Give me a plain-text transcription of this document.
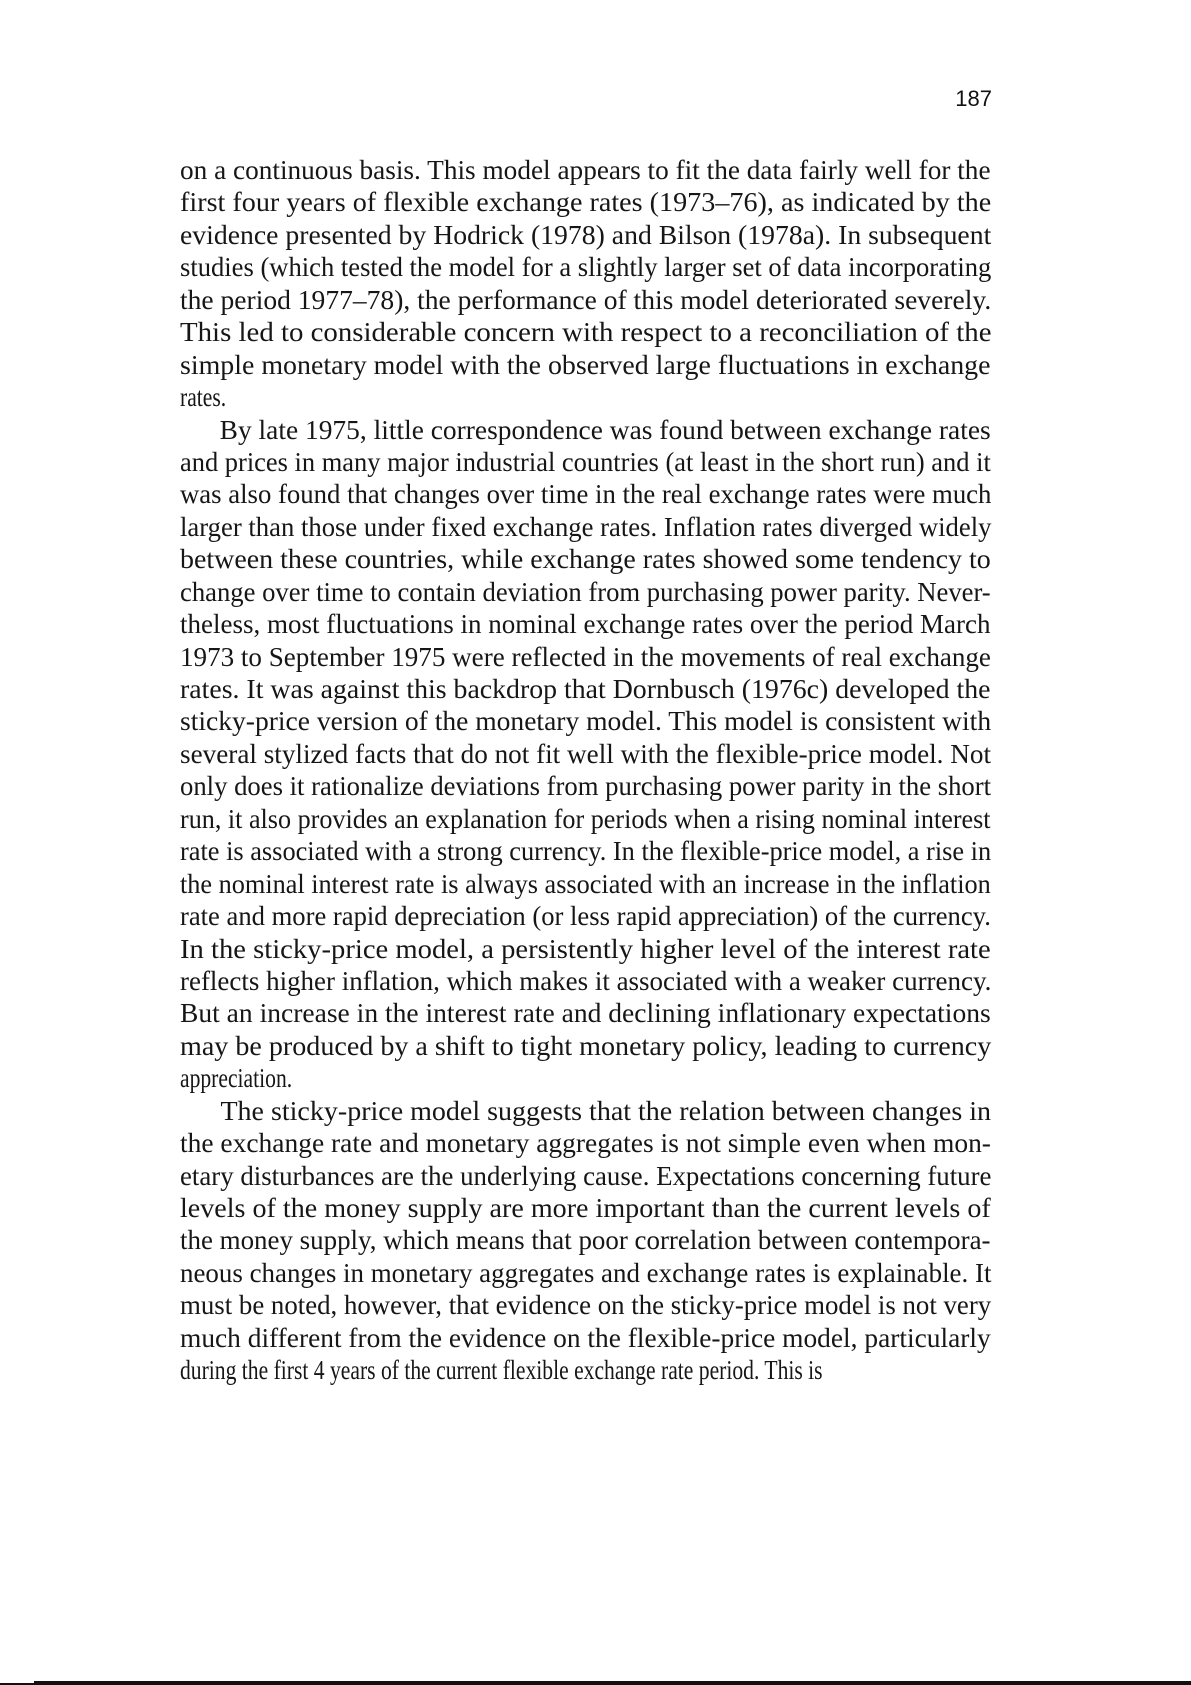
187
on a continuous basis. This model appears to fit the data fairly well for the
first four years of flexible exchange rates (1973–76), as indicated by the
evidence presented by Hodrick (1978) and Bilson (1978a). In subsequent
studies (which tested the model for a slightly larger set of data incorporating
the period 1977–78), the performance of this model deteriorated severely.
This led to considerable concern with respect to a reconciliation of the
simple monetary model with the observed large fluctuations in exchange
rates.
By late 1975, little correspondence was found between exchange rates
and prices in many major industrial countries (at least in the short run) and it
was also found that changes over time in the real exchange rates were much
larger than those under fixed exchange rates. Inflation rates diverged widely
between these countries, while exchange rates showed some tendency to
change over time to contain deviation from purchasing power parity. Never-
theless, most fluctuations in nominal exchange rates over the period March
1973 to September 1975 were reflected in the movements of real exchange
rates. It was against this backdrop that Dornbusch (1976c) developed the
sticky-price version of the monetary model. This model is consistent with
several stylized facts that do not fit well with the flexible-price model. Not
only does it rationalize deviations from purchasing power parity in the short
run, it also provides an explanation for periods when a rising nominal interest
rate is associated with a strong currency. In the flexible-price model, a rise in
the nominal interest rate is always associated with an increase in the inflation
rate and more rapid depreciation (or less rapid appreciation) of the currency.
In the sticky-price model, a persistently higher level of the interest rate
reflects higher inflation, which makes it associated with a weaker currency.
But an increase in the interest rate and declining inflationary expectations
may be produced by a shift to tight monetary policy, leading to currency
appreciation.
The sticky-price model suggests that the relation between changes in
the exchange rate and monetary aggregates is not simple even when mon-
etary disturbances are the underlying cause. Expectations concerning future
levels of the money supply are more important than the current levels of
the money supply, which means that poor correlation between contempora-
neous changes in monetary aggregates and exchange rates is explainable. It
must be noted, however, that evidence on the sticky-price model is not very
much different from the evidence on the flexible-price model, particularly
during the first 4 years of the current flexible exchange rate period. This is
